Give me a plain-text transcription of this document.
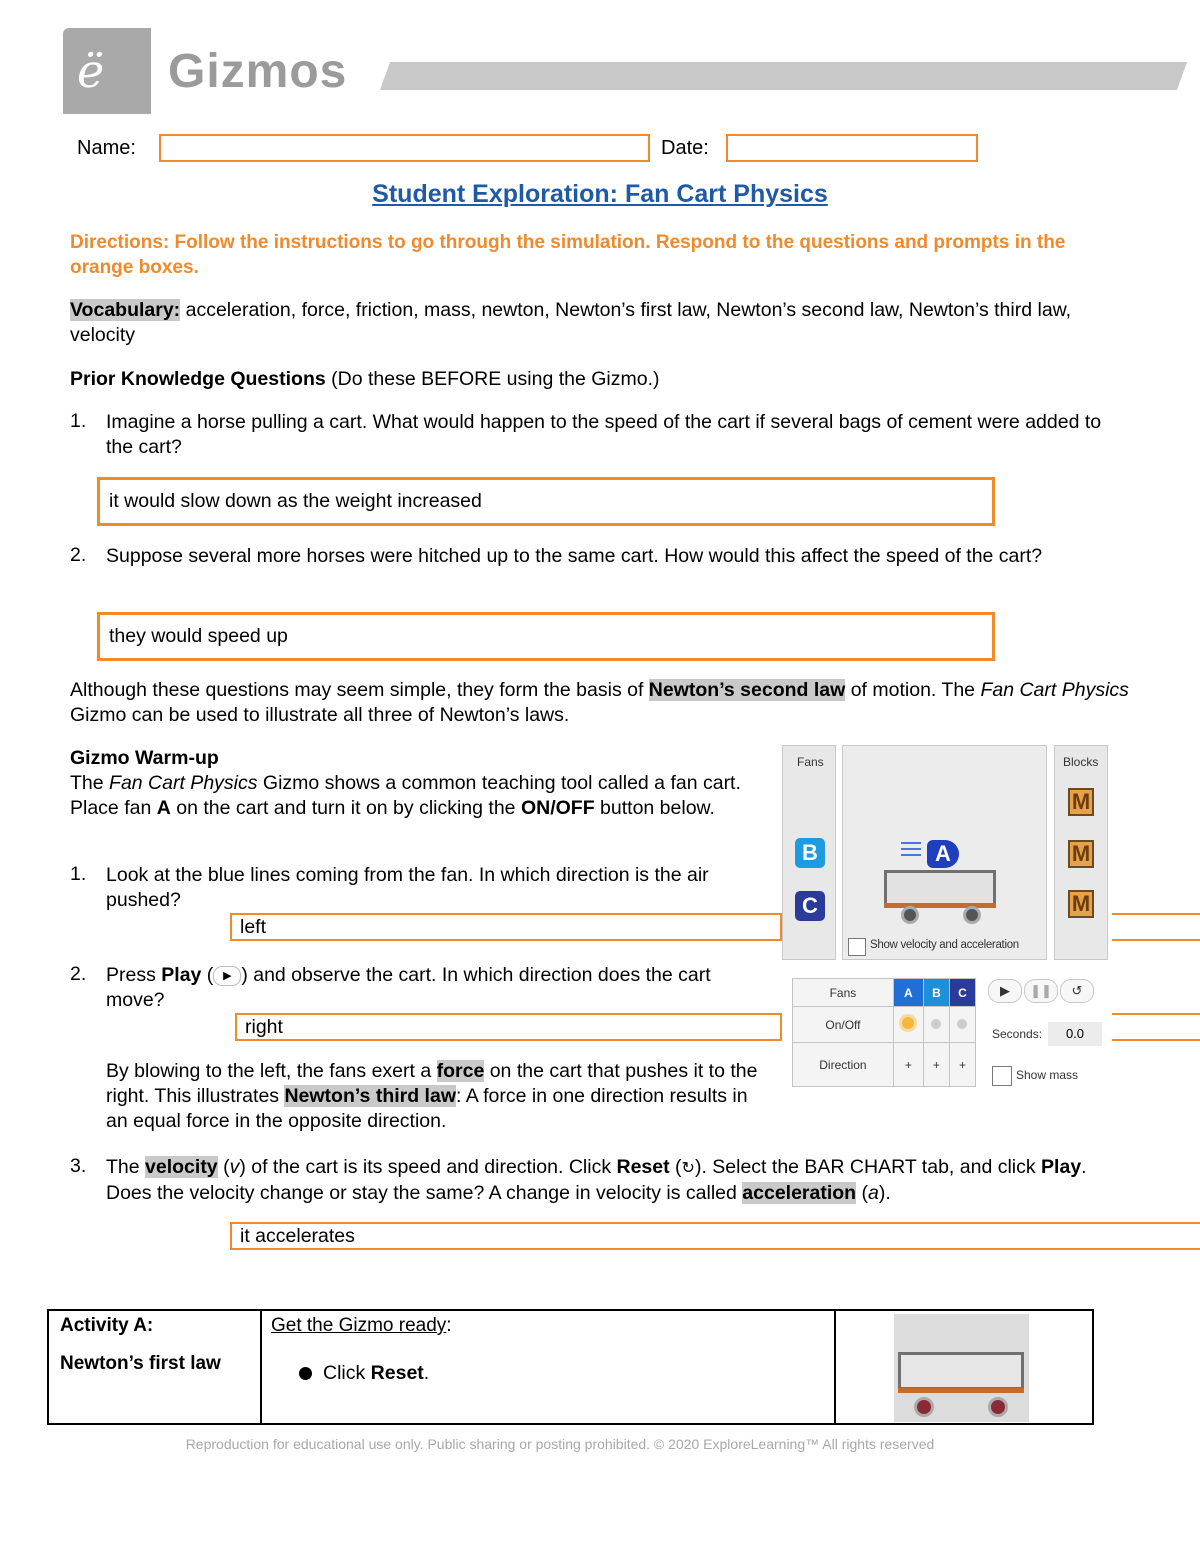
ë Gizmos
Name:	Date:
Student Exploration: Fan Cart Physics
Directions: Follow the instructions to go through the simulation. Respond to the questions and prompts in the orange boxes.

Vocabulary: acceleration, force, friction, mass, newton, Newton’s first law, Newton’s second law, Newton’s third law, velocity

Prior Knowledge Questions (Do these BEFORE using the Gizmo.)

1. Imagine a horse pulling a cart. What would happen to the speed of the cart if several bags of cement were added to the cart?

it would slow down as the weight increased
2. Suppose several more horses were hitched up to the same cart. How would this affect the speed of the cart?

they would speed up

Although these questions may seem simple, they form the basis of Newton’s second law of motion. The Fan Cart Physics Gizmo can be used to illustrate all three of Newton’s laws.

Gizmo Warm-up

The Fan Cart Physics Gizmo shows a common teaching tool called a fan cart. Place fan A on the cart and turn it on by clicking the ON/OFF button below.

1. Look at the blue lines coming from the fan. In which direction is the air pushed?

left
2. Press Play ( ▶ ) and observe the cart. In which direction does the cart move?

right

By blowing to the left, the fans exert a force on the cart that pushes it to the right. This illustrates Newton’s third law: A force in one direction results in an equal force in the opposite direction.

3. The velocity (v) of the cart is its speed and direction. Click Reset (↻). Select the BAR CHART tab, and click Play. Does the velocity change or stay the same? A change in velocity is called acceleration (a).

it accelerates
Fans
B
C
A
Show velocity and acceleration
Blocks
M
M
M
Fans	A	B	C
On/Off			
Direction	+	+	+
▶ ❚❚ ↺
Seconds:	0.0
Show mass
Activity A:
Newton’s first law
Get the Gizmo ready:
Click Reset.
Reproduction for educational use only. Public sharing or posting prohibited. © 2020 ExploreLearning™ All rights reserved
